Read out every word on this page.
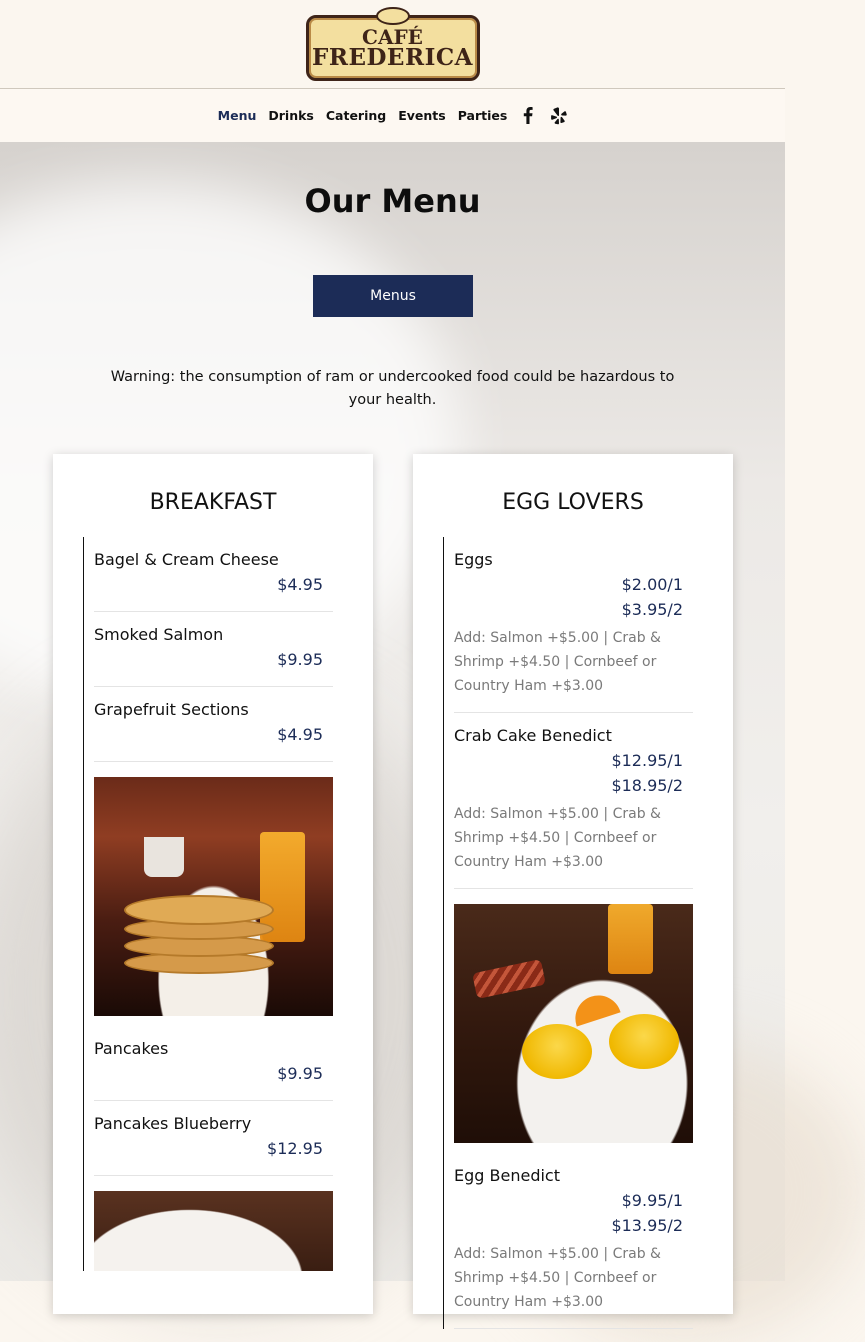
CAFÉ
FREDERICA
Menu Drinks Catering Events Parties
Our Menu
Menus

Warning: the consumption of ram or undercooked food could be hazardous to your health.

BREAKFAST
Bagel & Cream Cheese
$4.95
Smoked Salmon
$9.95
Grapefruit Sections
$4.95
Pancakes
$9.95
Pancakes Blueberry
$12.95
EGG LOVERS
Eggs
$2.00/1
$3.95/2
Add: Salmon +$5.00 | Crab & Shrimp +$4.50 | Cornbeef or Country Ham +$3.00
Crab Cake Benedict
$12.95/1
$18.95/2
Add: Salmon +$5.00 | Crab & Shrimp +$4.50 | Cornbeef or Country Ham +$3.00
Egg Benedict
$9.95/1
$13.95/2
Add: Salmon +$5.00 | Crab & Shrimp +$4.50 | Cornbeef or Country Ham +$3.00
